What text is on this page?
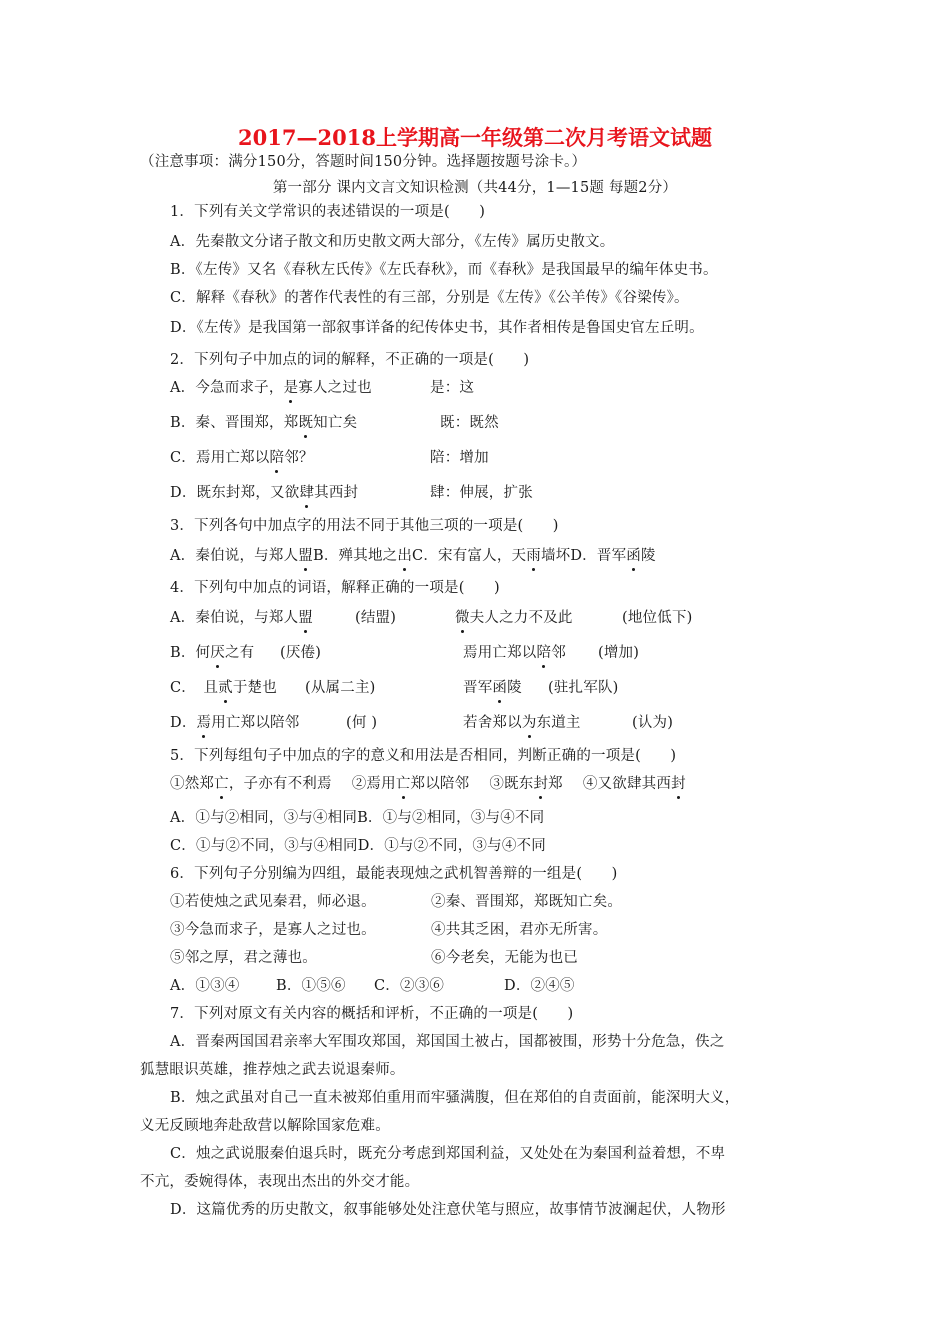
2017—2018上学期高一年级第二次月考语文试题
（注意事项：满分150分，答题时间150分钟。选择题按题号涂卡。）
第一部分 课内文言文知识检测（共44分，1—15题 每题2分）
1．下列有关文学常识的表述错误的一项是(　　)
A．先秦散文分诸子散文和历史散文两大部分，《左传》属历史散文。
B．《左传》又名《春秋左氏传》《左氏春秋》，而《春秋》是我国最早的编年体史书。
C．解释《春秋》的著作代表性的有三部，分别是《左传》《公羊传》《谷梁传》。
D．《左传》是我国第一部叙事详备的纪传体史书，其作者相传是鲁国史官左丘明。
2．下列句子中加点的词的解释，不正确的一项是(　　)
A．今急而求子，是寡人之过也	是：这
B．秦、晋围郑，郑既知亡矣	既：既然
C．焉用亡郑以陪邻？	陪：增加
D．既东封郑，又欲肆其西封	肆：伸展，扩张
3．下列各句中加点字的用法不同于其他三项的一项是(　　)
A．秦伯说，与郑人盟B．殚其地之出C．宋有富人，天雨墙坏D．晋军函陵
4．下列句中加点的词语，解释正确的一项是(　　)
A．秦伯说，与郑人盟	(结盟)	微夫人之力不及此	(地位低下)
B．何厌之有 (厌倦)	焉用亡郑以陪邻 (增加)
C．　且贰于楚也 (从属二主)	晋军函陵 (驻扎军队)
D．焉用亡郑以陪邻	(何 )	若舍郑以为东道主	(认为)
5．下列每组句子中加点的字的意义和用法是否相同，判断正确的一项是(　　)
①然郑亡，子亦有不利焉 ②焉用亡郑以陪邻 ③既东封郑 ④又欲肆其西封
A．①与②相同，③与④相同B．①与②相同，③与④不同
C．①与②不同，③与④相同D．①与②不同，③与④不同
6．下列句子分别编为四组，最能表现烛之武机智善辩的一组是(　　)
①若使烛之武见秦君，师必退。	②秦、晋围郑，郑既知亡矣。
③今急而求子，是寡人之过也。	④共其乏困，君亦无所害。
⑤邻之厚，君之薄也。	⑥今老矣，无能为也已
A．①③④	B．①⑤⑥ C．②③⑥	D．②④⑤
7．下列对原文有关内容的概括和评析，不正确的一项是(　　)
A．晋秦两国国君亲率大军围攻郑国，郑国国土被占，国都被围，形势十分危急，佚之
狐慧眼识英雄，推荐烛之武去说退秦师。
B．烛之武虽对自己一直未被郑伯重用而牢骚满腹，但在郑伯的自责面前，能深明大义，
义无反顾地奔赴敌营以解除国家危难。
C．烛之武说服秦伯退兵时，既充分考虑到郑国利益，又处处在为秦国利益着想，不卑
不亢，委婉得体，表现出杰出的外交才能。
D．这篇优秀的历史散文，叙事能够处处注意伏笔与照应，故事情节波澜起伏，人物形
